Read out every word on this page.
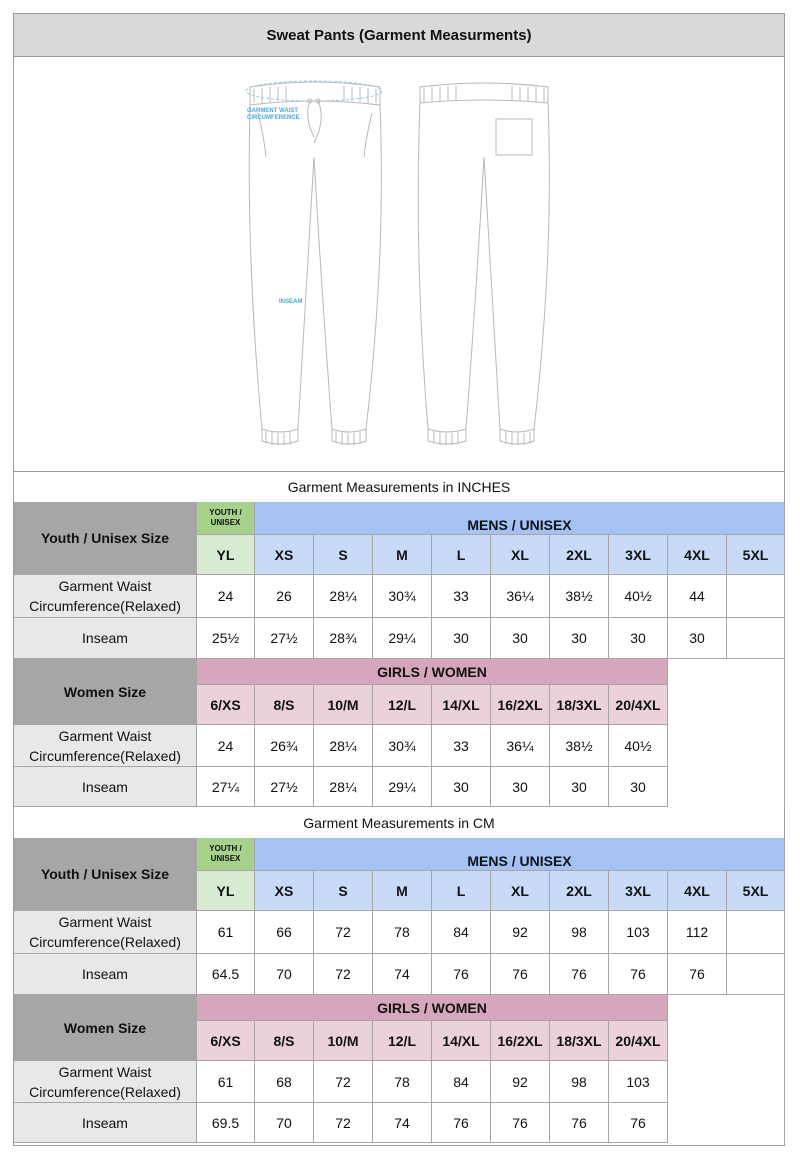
Sweat Pants (Garment Measurments)
GARMENT WAIST
CIRCUMFERENCE
INSEAM
Garment Measurements in INCHES
Youth / Unisex Size
YOUTH / UNISEX	MENS / UNISEX
YL	XS	S	M	L	XL	2XL	3XL	4XL	5XL
Garment Waist Circumference(Relaxed)
24	26	28¼	30¾	33	36¼	38½	40½	44
Inseam	25½	27½	28¾	29¼	30	30	30	30	30
Women Size
GIRLS / WOMEN
6/XS	8/S	10/M	12/L	14/XL	16/2XL 18/3XL 20/4XL
Garment Waist Circumference(Relaxed)
24	26¾	28¼	30¾	33	36¼	38½	40½
Inseam	27¼	27½	28¼	29¼	30	30	30	30
Garment Measurements in CM
Youth / Unisex Size
YOUTH / UNISEX	MENS / UNISEX
YL	XS	S	M	L	XL	2XL	3XL	4XL	5XL
Garment Waist Circumference(Relaxed)
61	66	72	78	84	92	98	103	112
Inseam	64.5	70	72	74	76	76	76	76	76
Women Size
GIRLS / WOMEN
6/XS	8/S	10/M	12/L	14/XL	16/2XL 18/3XL 20/4XL
Garment Waist Circumference(Relaxed)
61	68	72	78	84	92	98	103
Inseam	69.5	70	72	74	76	76	76	76
